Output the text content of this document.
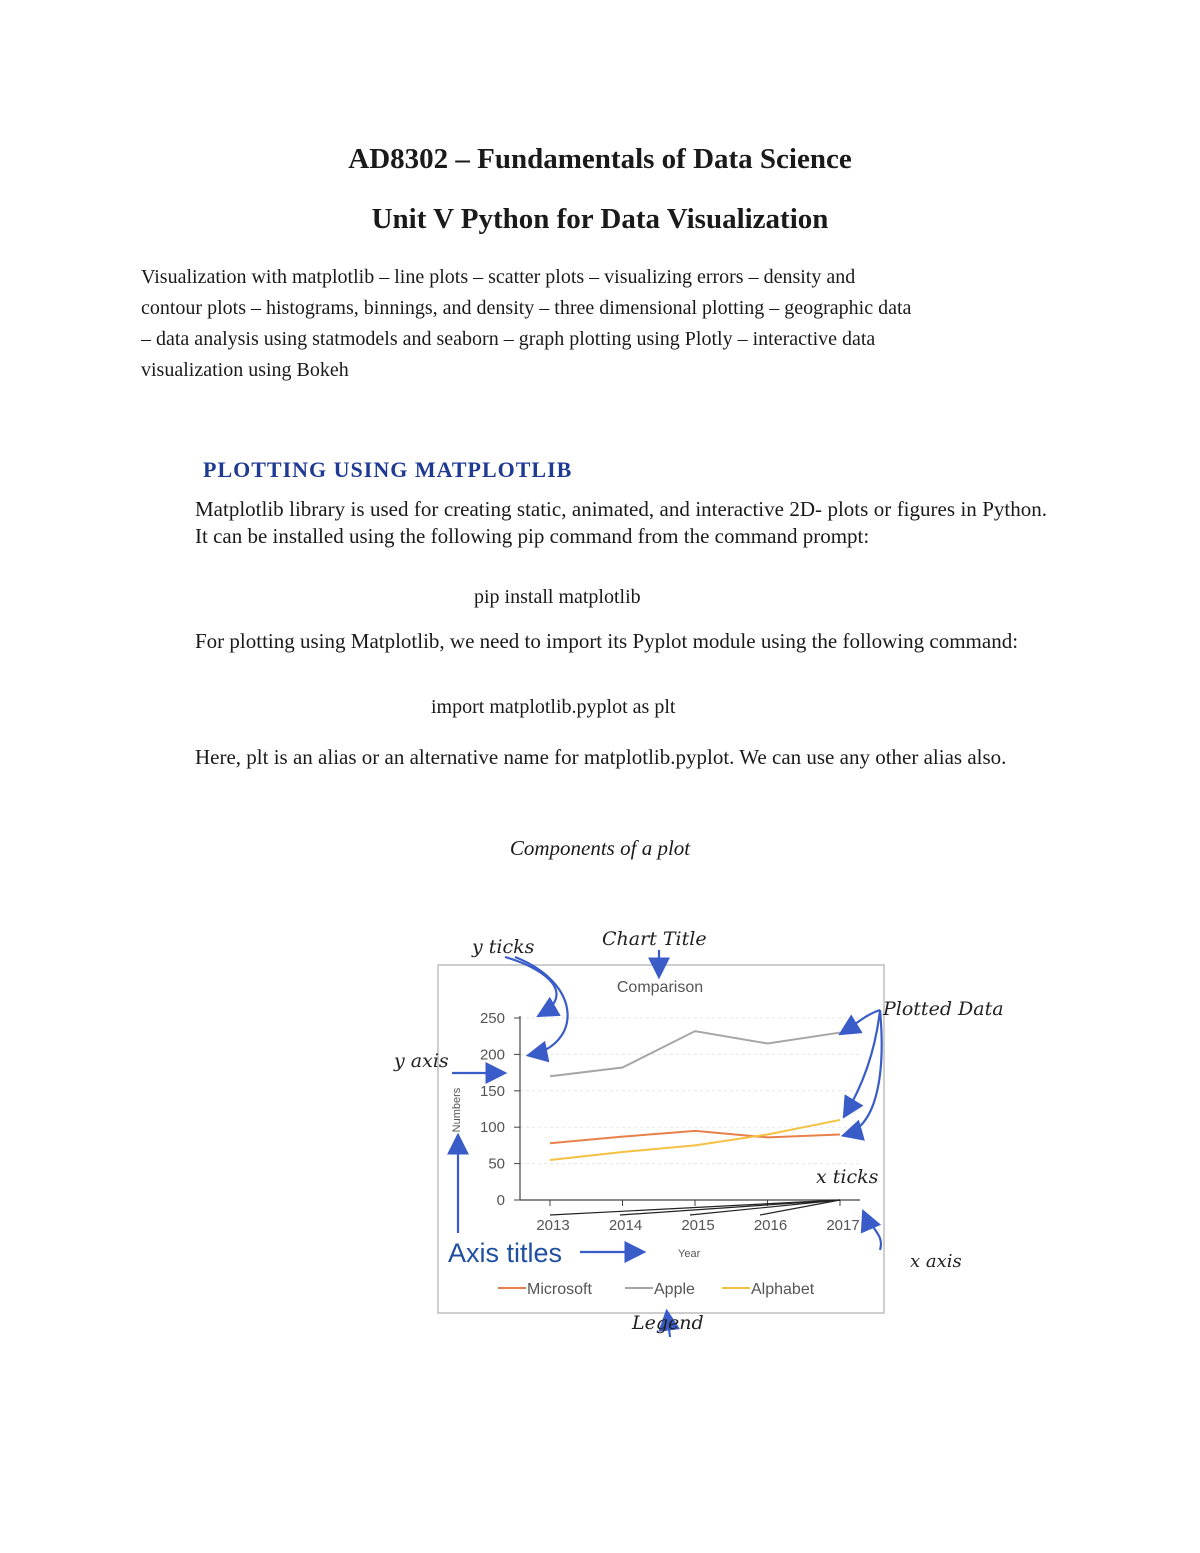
AD8302 – Fundamentals of Data Science
Unit V Python for Data Visualization
Visualization with matplotlib – line plots – scatter plots – visualizing errors – density and
contour plots – histograms, binnings, and density – three dimensional plotting – geographic data
– data analysis using statmodels and seaborn – graph plotting using Plotly – interactive data
visualization using Bokeh
PLOTTING USING MATPLOTLIB
Matplotlib library is used for creating static, animated, and interactive 2D- plots or figures in Python. It can be installed using the following pip command from the command prompt:
pip install matplotlib
For plotting using Matplotlib, we need to import its Pyplot module using the following command:
import matplotlib.pyplot as plt
Here, plt is an alias or an alternative name for matplotlib.pyplot. We can use any other alias also.
Components of a plot
0
50
100
150
200
250
2013	2014	2015	2016	2017
Comparison
Year
Numbers
Microsoft	Apple	Alphabet
y ticks	Chart Title
y axis
Plotted Data
x ticks
x axis
Axis titles
Legend
